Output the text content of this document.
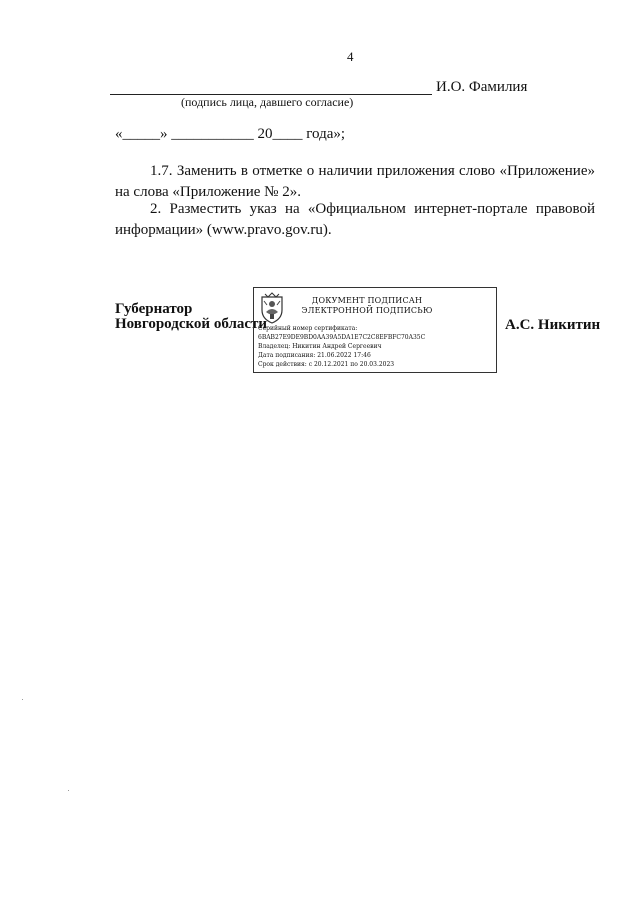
4
И.О. Фамилия
(подпись лица, давшего согласие)
«_____» ___________ 20____ года»;
1.7. Заменить в отметке о наличии приложения слово «Приложение» на слова «Приложение № 2».
2. Разместить указ на «Официальном интернет-портале правовой информации» (www.pravo.gov.ru).
Губернатор
Новгородской области
ДОКУМЕНТ ПОДПИСАН
ЭЛЕКТРОННОЙ ПОДПИСЬЮ
Серийный номер сертификата:
6BAB27E9DE9BD0AA39A5DA1E7C2C8EFBFC70A35C
Владелец: Никитин Андрей Сергеевич
Дата подписания: 21.06.2022 17:46
Срок действия: с 20.12.2021 по 20.03.2023
А.С. Никитин
